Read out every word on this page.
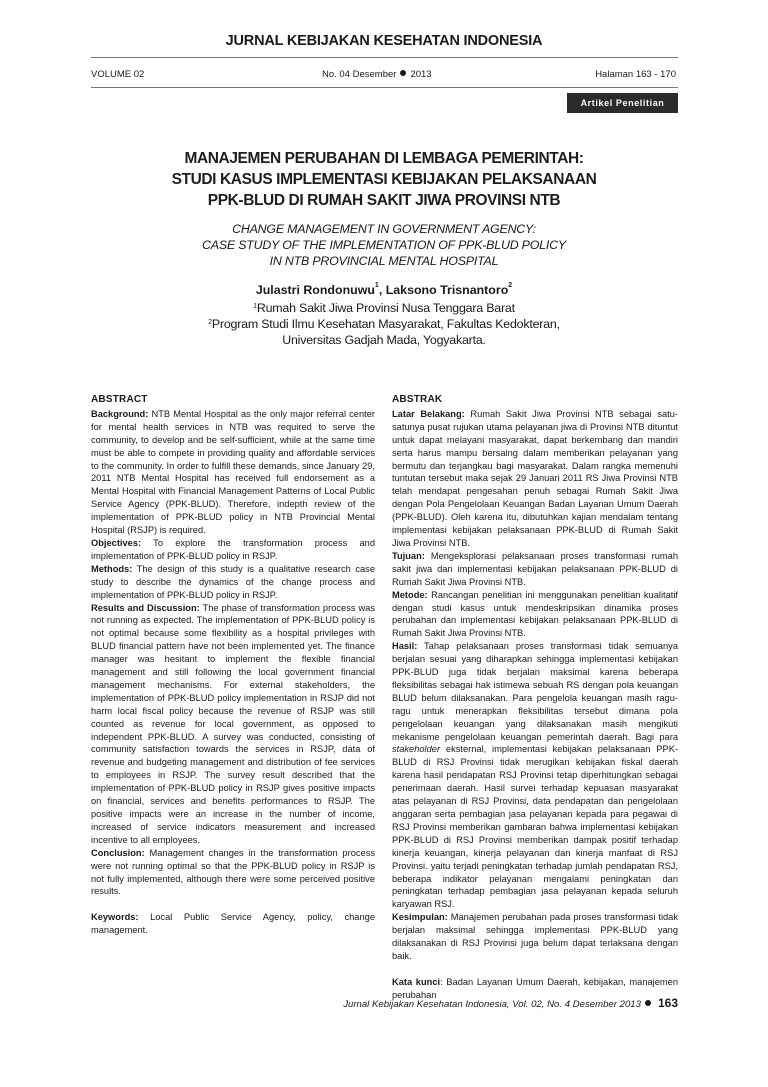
JURNAL KEBIJAKAN KESEHATAN INDONESIA
VOLUME 02	No. 04 Desember 2013	Halaman 163 - 170
Artikel Penelitian
MANAJEMEN PERUBAHAN DI LEMBAGA PEMERINTAH:
STUDI KASUS IMPLEMENTASI KEBIJAKAN PELAKSANAAN
PPK-BLUD DI RUMAH SAKIT JIWA PROVINSI NTB
CHANGE MANAGEMENT IN GOVERNMENT AGENCY:
CASE STUDY OF THE IMPLEMENTATION OF PPK-BLUD POLICY
IN NTB PROVINCIAL MENTAL HOSPITAL
Julastri Rondonuwu$^1$, Laksono Trisnantoro$^2$
$^1$Rumah Sakit Jiwa Provinsi Nusa Tenggara Barat
$^2$Program Studi Ilmu Kesehatan Masyarakat, Fakultas Kedokteran,
Universitas Gadjah Mada, Yogyakarta.
ABSTRACT

Background: NTB Mental Hospital as the only major referral center for mental health services in NTB was required to serve the community, to develop and be self-sufficient, while at the same time must be able to compete in providing quality and affordable services to the community. In order to fulfill these demands, since January 29, 2011 NTB Mental Hospital has received full endorsement as a Mental Hospital with Financial Management Patterns of Local Public Service Agency (PPK-BLUD). Therefore, indepth review of the implementation of PPK-BLUD policy in NTB Provincial Mental Hospital (RSJP) is required.

Objectives: To explore the transformation process and implementation of PPK-BLUD policy in RSJP.

Methods: The design of this study is a qualitative research case study to describe the dynamics of the change process and implementation of PPK-BLUD policy in RSJP.

Results and Discussion: The phase of transformation process was not running as expected. The implementation of PPK-BLUD policy is not optimal because some flexibility as a hospital privileges with BLUD financial pattern have not been implemented yet. The finance manager was hesitant to implement the flexible financial management and still following the local government financial management mechanisms. For external stakeholders, the implementation of PPK-BLUD policy implementation in RSJP did not harm local fiscal policy because the revenue of RSJP was still counted as revenue for local government, as opposed to independent PPK-BLUD. A survey was conducted, consisting of community satisfaction towards the services in RSJP, data of revenue and budgeting management and distribution of fee services to employees in RSJP. The survey result described that the implementation of PPK-BLUD policy in RSJP gives positive impacts on financial, services and benefits performances to RSJP. The positive impacts were an increase in the number of income, increased of service indicators measurement and increased incentive to all employees.

Conclusion: Management changes in the transformation process were not running optimal so that the PPK-BLUD policy in RSJP is not fully implemented, although there were some perceived positive results.

Keywords: Local Public Service Agency, policy, change management.

ABSTRAK

Latar Belakang: Rumah Sakit Jiwa Provinsi NTB sebagai satu-satunya pusat rujukan utama pelayanan jiwa di Provinsi NTB dituntut untuk dapat melayani masyarakat, dapat berkembang dan mandiri serta harus mampu bersaing dalam memberikan pelayanan yang bermutu dan terjangkau bagi masyarakat. Dalam rangka memenuhi tuntutan tersebut maka sejak 29 Januari 2011 RS Jiwa Provinsi NTB telah mendapat pengesahan penuh sebagai Rumah Sakit Jiwa dengan Pola Pengelolaan Keuangan Badan Layanan Umum Daerah (PPK-BLUD). Oleh karena itu, dibutuhkan kajian mendalam tentang implementasi kebijakan pelaksanaan PPK-BLUD di Rumah Sakit Jiwa Provinsi NTB.

Tujuan: Mengeksplorasi pelaksanaan proses transformasi rumah sakit jiwa dan implementasi kebijakan pelaksanaan PPK-BLUD di Rumah Sakit Jiwa Provinsi NTB.

Metode: Rancangan penelitian ini menggunakan penelitian kualitatif dengan studi kasus untuk mendeskripsikan dinamika proses perubahan dan implementasi kebijakan pelaksanaan PPK-BLUD di Rumah Sakit Jiwa Provinsi NTB.

Hasil: Tahap pelaksanaan proses transformasi tidak semuanya berjalan sesuai yang diharapkan sehingga implementasi kebijakan PPK-BLUD juga tidak berjalan maksimal karena beberapa fleksibilitas sebagai hak istimewa sebuah RS dengan pola keuangan BLUD belum dilaksanakan. Para pengelola keuangan masih ragu-ragu untuk menerapkan fleksibilitas tersebut dimana pola pengelolaan keuangan yang dilaksanakan masih mengikuti mekanisme pengelolaan keuangan pemerintah daerah. Bagi para stakeholder eksternal, implementasi kebijakan pelaksanaan PPK-BLUD di RSJ Provinsi tidak merugikan kebijakan fiskal daerah karena hasil pendapatan RSJ Provinsi tetap diperhitungkan sebagai penerimaan daerah. Hasil survei terhadap kepuasan masyarakat atas pelayanan di RSJ Provinsi, data pendapatan dan pengelolaan anggaran serta pembagian jasa pelayanan kepada para pegawai di RSJ Provinsi memberikan gambaran bahwa implementasi kebijakan PPK-BLUD di RSJ Provinsi memberikan dampak positif terhadap kinerja keuangan, kinerja pelayanan dan kinerja manfaat di RSJ Provinsi. yaitu terjadi peningkatan terhadap jumlah pendapatan RSJ, beberapa indikator pelayanan mengalami peningkatan dan peningkatan terhadap pembagian jasa pelayanan kepada seluruh karyawan RSJ.

Kesimpulan: Manajemen perubahan pada proses transformasi tidak berjalan maksimal sehingga implementasi PPK-BLUD yang dilaksanakan di RSJ Provinsi juga belum dapat terlaksana dengan baik.

Kata kunci: Badan Layanan Umum Daerah, kebijakan, manajemen perubahan

Jurnal Kebijakan Kesehatan Indonesia, Vol. 02, No. 4 Desember 2013 163
